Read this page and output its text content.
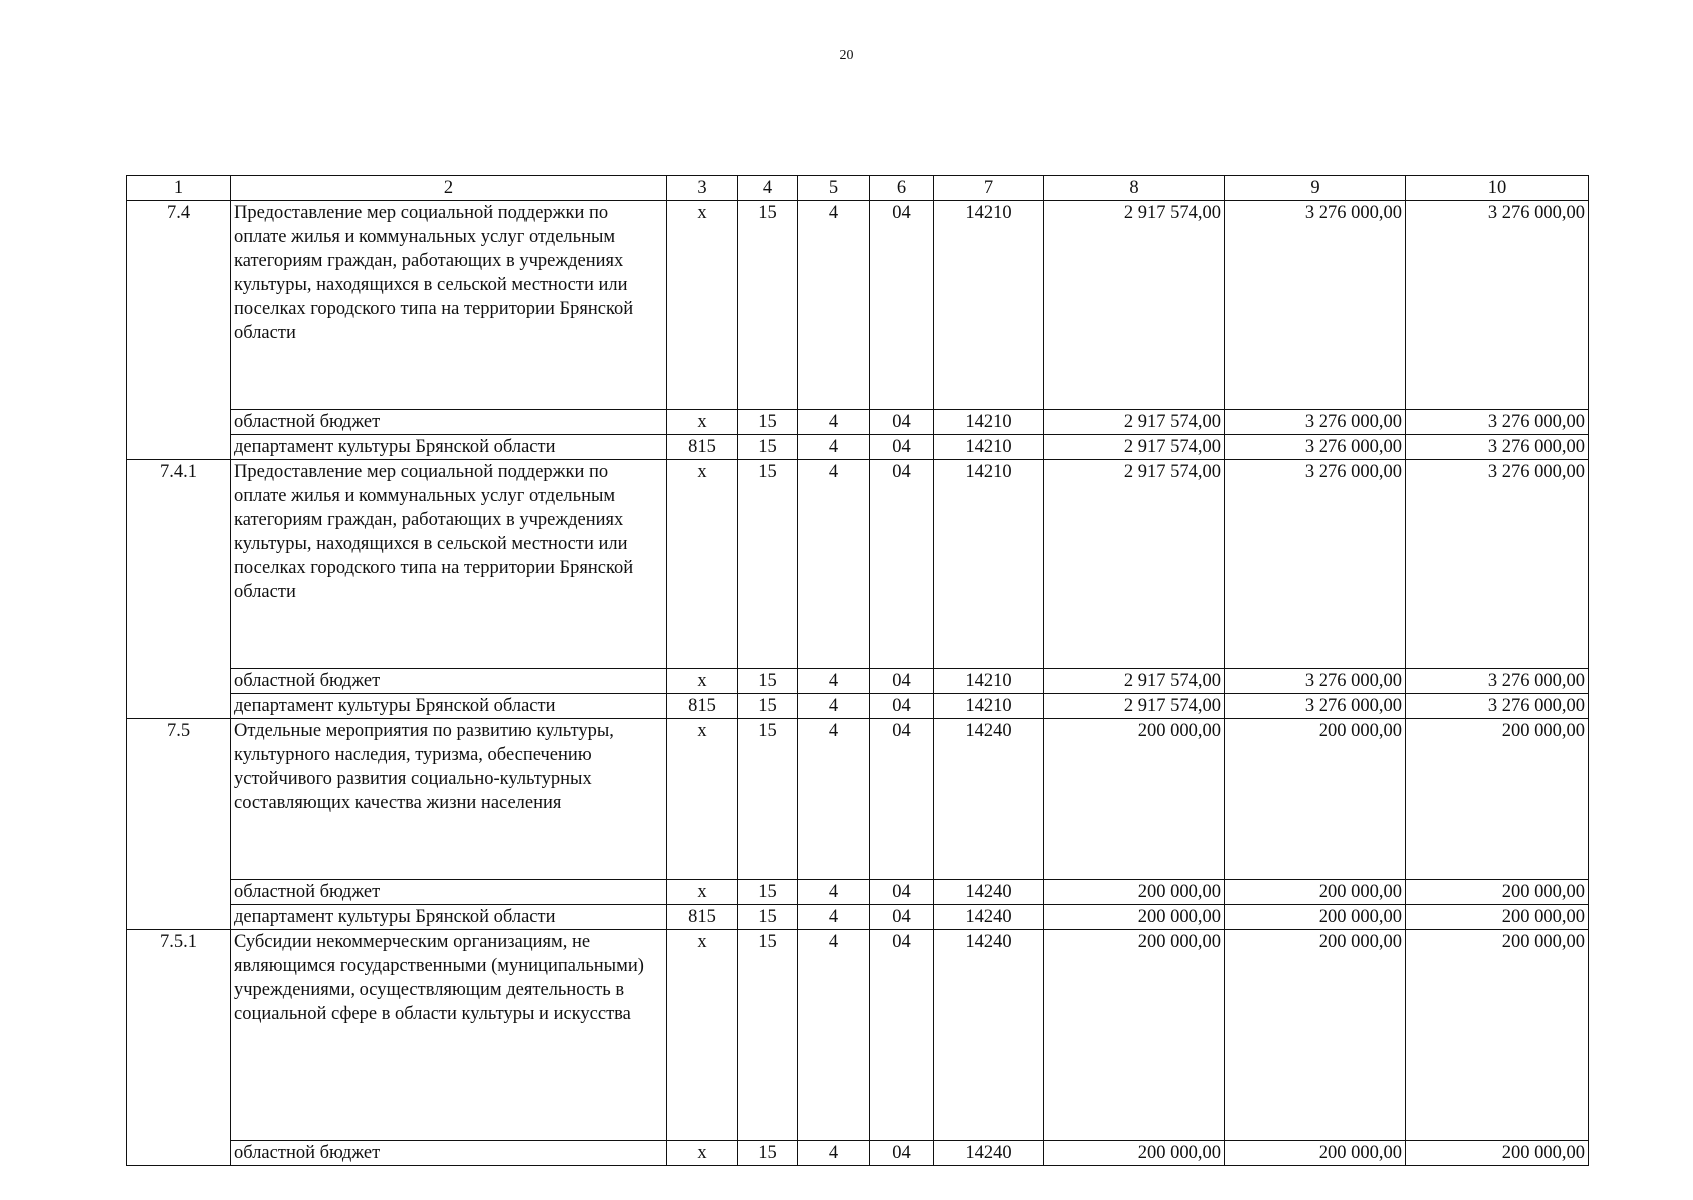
20
1	2	3	4	5	6	7	8	9	10
7.4	Предоставление мер социальной поддержки по оплате жилья и коммунальных услуг отдельным категориям граждан, работающих в учреждениях культуры, находящихся в сельской местности или поселках городского типа на территории Брянской области	х	15	4	04	14210	2 917 574,00	3 276 000,00	3 276 000,00
	областной бюджет	х	15	4	04	14210	2 917 574,00	3 276 000,00	3 276 000,00
	департамент культуры Брянской области	815	15	4	04	14210	2 917 574,00	3 276 000,00	3 276 000,00
7.4.1	Предоставление мер социальной поддержки по оплате жилья и коммунальных услуг отдельным категориям граждан, работающих в учреждениях культуры, находящихся в сельской местности или поселках городского типа на территории Брянской области	х	15	4	04	14210	2 917 574,00	3 276 000,00	3 276 000,00
	областной бюджет	х	15	4	04	14210	2 917 574,00	3 276 000,00	3 276 000,00
	департамент культуры Брянской области	815	15	4	04	14210	2 917 574,00	3 276 000,00	3 276 000,00
7.5	Отдельные мероприятия по развитию культуры, культурного наследия, туризма, обеспечению устойчивого развития социально-культурных составляющих качества жизни населения	х	15	4	04	14240	200 000,00	200 000,00	200 000,00
	областной бюджет	х	15	4	04	14240	200 000,00	200 000,00	200 000,00
	департамент культуры Брянской области	815	15	4	04	14240	200 000,00	200 000,00	200 000,00
7.5.1	Субсидии некоммерческим организациям, не являющимся государственными (муниципальными) учреждениями, осуществляющим деятельность в социальной сфере в области культуры и искусства	х	15	4	04	14240	200 000,00	200 000,00	200 000,00
	областной бюджет	х	15	4	04	14240	200 000,00	200 000,00	200 000,00
